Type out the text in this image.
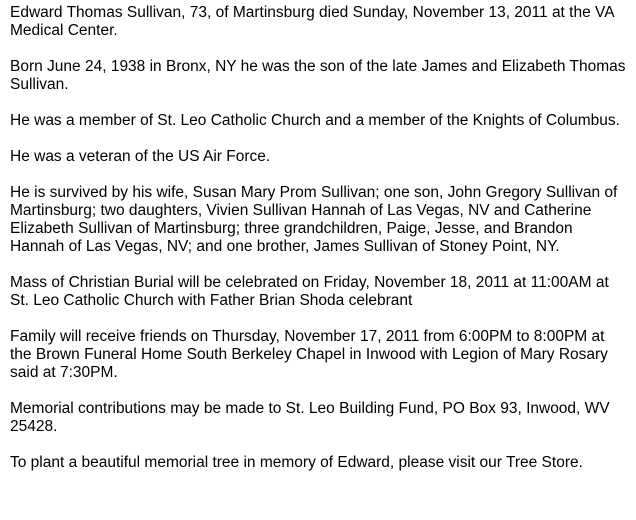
Edward Thomas Sullivan, 73, of Martinsburg died Sunday, November 13, 2011 at the VA Medical Center.

Born June 24, 1938 in Bronx, NY he was the son of the late James and Elizabeth Thomas Sullivan.

He was a member of St. Leo Catholic Church and a member of the Knights of Columbus.

He was a veteran of the US Air Force.

He is survived by his wife, Susan Mary Prom Sullivan; one son, John Gregory Sullivan of Martinsburg; two daughters, Vivien Sullivan Hannah of Las Vegas, NV and Catherine Elizabeth Sullivan of Martinsburg; three grandchildren, Paige, Jesse, and Brandon Hannah of Las Vegas, NV; and one brother, James Sullivan of Stoney Point, NY.

Mass of Christian Burial will be celebrated on Friday, November 18, 2011 at 11:00AM at St. Leo Catholic Church with Father Brian Shoda celebrant

Family will receive friends on Thursday, November 17, 2011 from 6:00PM to 8:00PM at the Brown Funeral Home South Berkeley Chapel in Inwood with Legion of Mary Rosary said at 7:30PM.

Memorial contributions may be made to St. Leo Building Fund, PO Box 93, Inwood, WV 25428.

To plant a beautiful memorial tree in memory of Edward, please visit our Tree Store.
